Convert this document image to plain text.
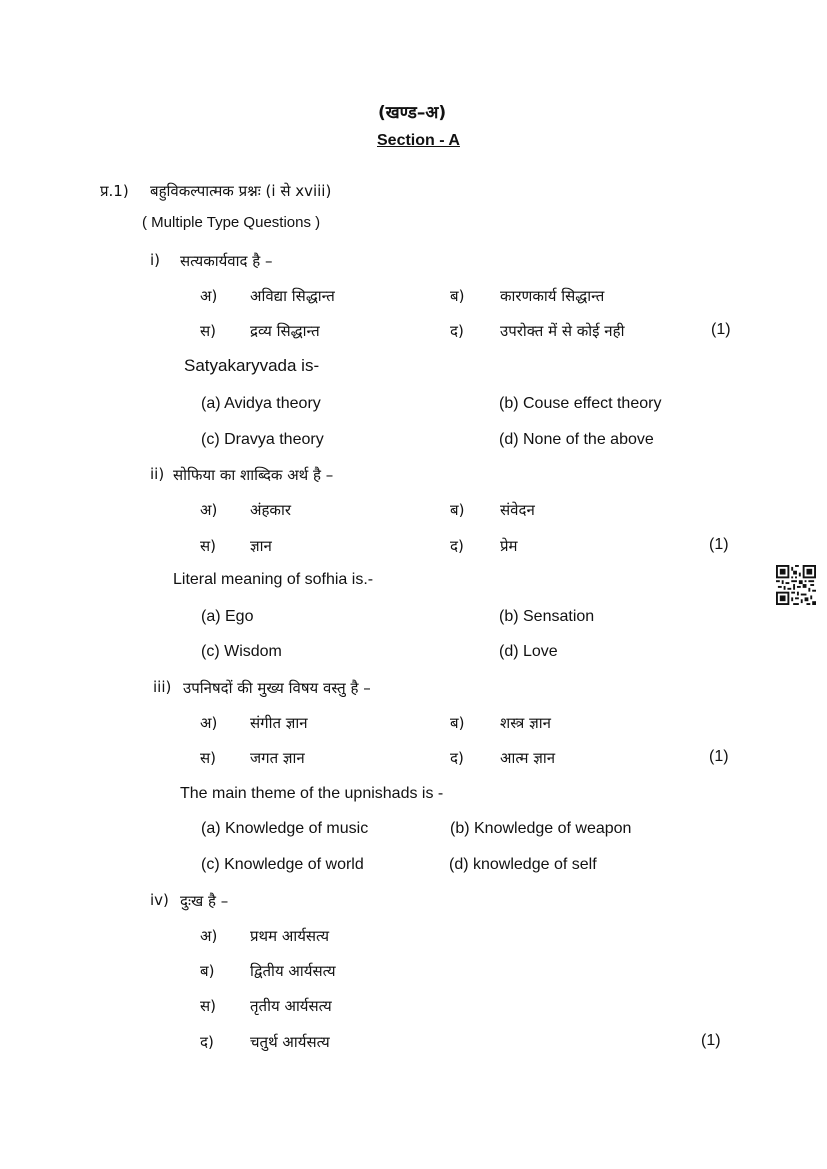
(खण्ड–अ)
Section - A
प्र.1) बहुविकल्पात्मक प्रश्नः (i से xviii)
( Multiple Type Questions )
i) सत्यकार्यवाद है –
अ) अविद्या सिद्धान्त	ब) कारणकार्य सिद्धान्त
स) द्रव्य सिद्धान्त	द) उपरोक्त में से कोई नही	(1)
Satyakaryvada is-
(a) Avidya theory	(b) Couse effect theory
(c) Dravya theory	(d) None of the above
ii) सोफिया का शाब्दिक अर्थ है –
अ) अंहकार	ब) संवेदन
स) ज्ञान	द) प्रेम	(1)
Literal meaning of sofhia is.-
(a) Ego	(b) Sensation
(c) Wisdom	(d) Love
iii) उपनिषदों की मुख्य विषय वस्तु है –
अ) संगीत ज्ञान	ब) शस्त्र ज्ञान
स) जगत ज्ञान	द) आत्म ज्ञान	(1)
The main theme of the upnishads is -
(a) Knowledge of music	(b) Knowledge of weapon
(c) Knowledge of world	(d) knowledge of self
iv) दुःख है –
अ) प्रथम आर्यसत्य
ब) द्वितीय आर्यसत्य
स) तृतीय आर्यसत्य
द) चतुर्थ आर्यसत्य	(1)
